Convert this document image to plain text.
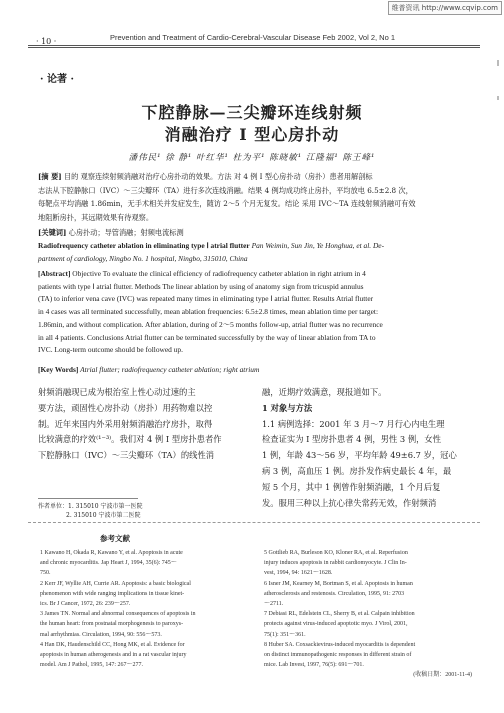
维普资讯 http://www.cqvip.com
· 10 ·	Prevention and Treatment of Cardio-Cerebral-Vascular Disease Feb 2002, Vol 2, No 1
· 论著 ·
下腔静脉—三尖瓣环连线射频
消融治疗 Ⅰ 型心房扑动
潘伟民¹ 徐 静¹ 叶红华¹ 杜为平¹ 陈晓敏¹ 江隆福¹ 陈王峰¹
[摘 要] 目的 观察连续射频消融对治疗心房扑动的效果。方法 对 4 例 Ⅰ 型心房扑动（房扑）患者用解剖标
志法从下腔静脉口（IVC）～三尖瓣环（TA）进行多次连线消融。结果 4 例均成功终止房扑，平均放电 6.5±2.8 次，
每靶点平均消融 1.86min，无手术相关并发症发生，随访 2～5 个月无复发。结论 采用 IVC～TA 连线射频消融可有效
地阻断房扑，其远期效果有待观察。
[关键词] 心房扑动；导管消融；射频电流标测
Radiofrequency catheter ablation in eliminating type Ⅰ atrial flutter Pan Weimin, Sun Jin, Ye Honghua, et al. De-
partment of cardiology, Ningbo No. 1 hospital, Ningbo, 315010, China
[Abstract] Objective To evaluate the clinical efficiency of radiofrequency catheter ablation in right atrium in 4
patients with type Ⅰ atrial flutter. Methods The linear ablation by using of anatomy sign from tricuspid annulus
(TA) to inferior vena cave (IVC) was repeated many times in eliminating type Ⅰ atrial flutter. Results Atrial flutter
in 4 cases was all terminated successfully, mean ablation frequencies: 6.5±2.8 times, mean ablation time per target:
1.86min, and without complication. After ablation, during of 2～5 months follow-up, atrial flutter was no recurrence
in all 4 patients. Conclusions Atrial flutter can be terminated successfully by the way of linear ablation from TA to
IVC. Long-term outcome should be followed up.
[Key Words] Atrial flutter; radiofrequency catheter ablation; right atrium
射频消融现已成为根治室上性心动过速的主
要方法，顽固性心房扑动（房扑）用药物难以控
制。近年来国内外采用射频消融治疗房扑，取得
比较满意的疗效⁽¹⁻³⁾。我们对 4 例 Ⅰ 型房扑患者作
下腔静脉口（IVC）～三尖瓣环（TA）的线性消
融，近期疗效满意，现报道如下。
1 对象与方法
1.1 病例选择：2001 年 3 月～7 月行心内电生理
检查证实为 Ⅰ 型房扑患者 4 例，男性 3 例，女性
1 例，年龄 43～56 岁，平均年龄 49±6.7 岁，冠心
病 3 例，高血压 1 例。房扑发作病史最长 4 年，最
短 5 个月，其中 1 例曾作射频消融，1 个月后复
发。服用三种以上抗心律失常药无效，作射频消
作者单位：1. 315010 宁波市第一医院
2. 315010 宁波市第二医院
参考文献
1 Kawano H, Okada R, Kawano Y, et al. Apoptosis in acute
and chronic myocarditis. Jap Heart J, 1994, 35(6): 745～
750.
2 Kerr JF, Wyllie AH, Currie AR. Apoptosis: a basic biological
phenomenon with wide ranging implications in tissue kinet-
ics. Br J Cancer, 1972, 26: 239～257.
3 James TN. Normal and abnormal consequences of apoptosis in
the human heart: from postnatal morphogenesis to paroxys-
mal arrhythmias. Circulation, 1994, 90: 556～573.
4 Han DK, Haudenschild CC, Hong MK, et al. Evidence for
apoptosis in human atherogenesis and in a rat vascular injury
model. Am J Pathol, 1995, 147: 267～277.
5 Gottlieb RA, Burleson KO, Kloner RA, et al. Reperfusion
injury induces apoptosis in rabbit cardiomyocyte. J Clin In-
vest, 1994, 94: 1621～1628.
6 Isner JM, Kearney M, Bortman S, et al. Apoptosis in human
atherosclerosis and restenosis. Circulation, 1995, 91: 2703
～2711.
7 Debiasi RL, Edelstein CL, Sherry B, et al. Calpain inhibition
protects against virus-induced apoptotic myo. J Virol, 2001,
75(1): 351～361.
8 Huber SA. Coxsackievirus-induced myocarditis is dependent
on distinct immunopathogenic responses in different strain of
mice. Lab Invest, 1997, 76(5): 691～701.
(收稿日期：2001-11-4)
